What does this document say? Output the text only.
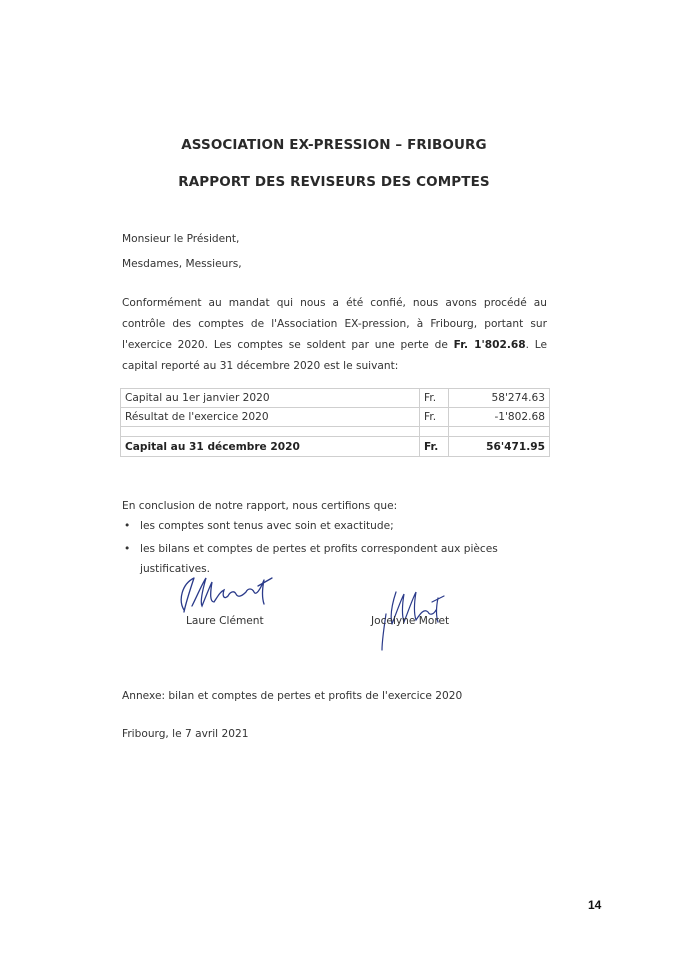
ASSOCIATION EX-PRESSION – FRIBOURG
RAPPORT DES REVISEURS DES COMPTES
Monsieur le Président,
Mesdames, Messieurs,
Conformément au mandat qui nous a été confié, nous avons procédé au contrôle des comptes de l'Association EX-pression, à Fribourg, portant sur l'exercice 2020. Les comptes se soldent par une perte de Fr. 1'802.68. Le capital reporté au 31 décembre 2020 est le suivant:
Capital au 1er janvier 2020	Fr.	58'274.63
Résultat de l'exercice 2020	Fr.	-1'802.68

Capital au 31 décembre 2020	Fr.	56'471.95
En conclusion de notre rapport, nous certifions que:
• les comptes sont tenus avec soin et exactitude;
• les bilans et comptes de pertes et profits correspondent aux pièces justificatives.
Laure Clément	Jocelyne Moret
Annexe: bilan et comptes de pertes et profits de l'exercice 2020
Fribourg, le 7 avril 2021
14
